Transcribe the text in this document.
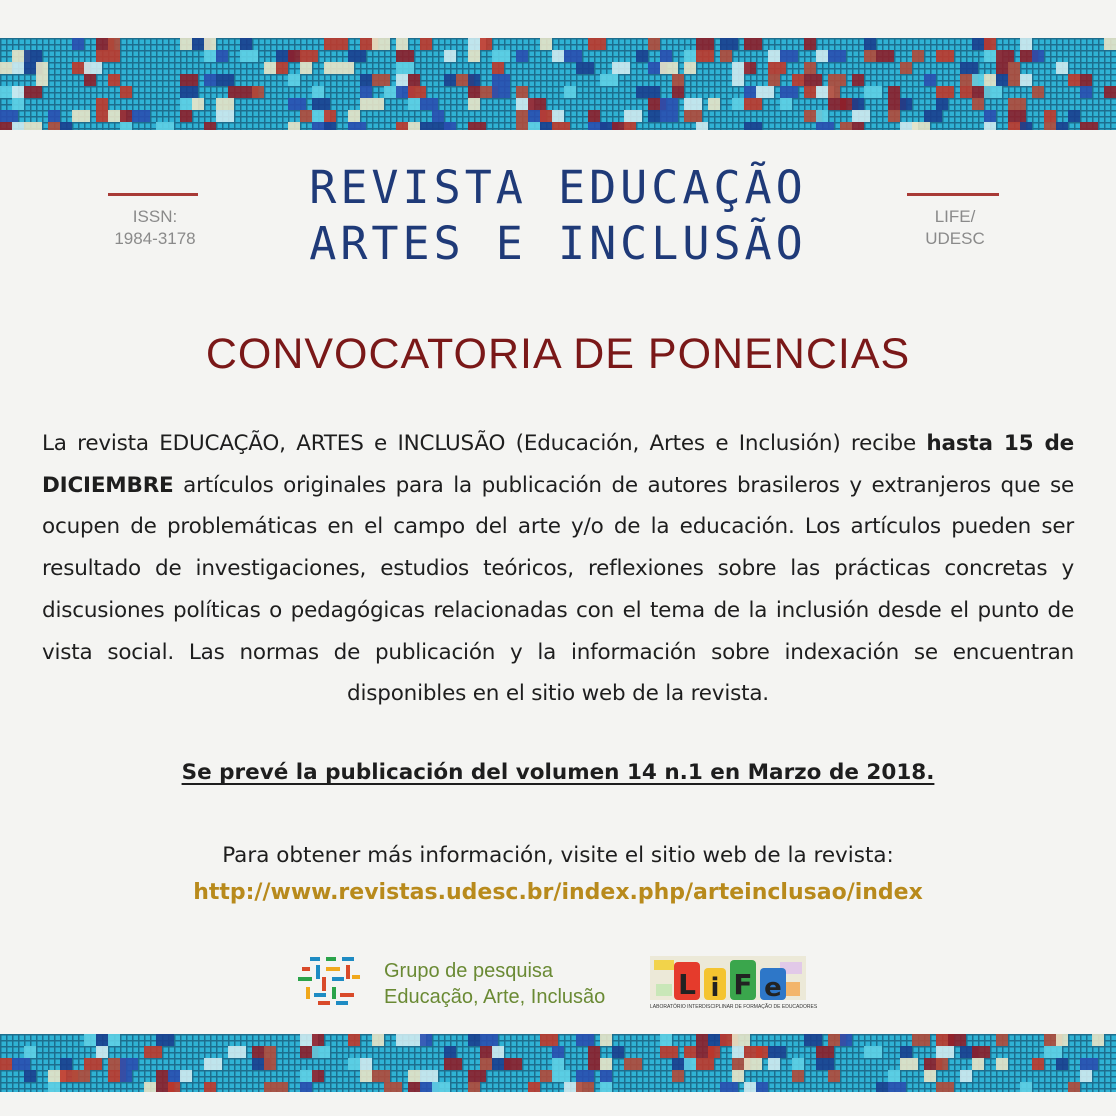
ISSN:
1984-3178
LIFE/
UDESC
REVISTA EDUCAÇÃO
ARTES E INCLUSÃO
CONVOCATORIA DE PONENCIAS
La revista EDUCAÇÃO, ARTES e INCLUSÃO (Educación, Artes e Inclusión) recibe hasta 15 de DICIEMBRE artículos originales para la publicación de autores brasileros y extranjeros que se ocupen de problemáticas en el campo del arte y/o de la educación. Los artículos pueden ser resultado de investigaciones, estudios teóricos, reflexiones sobre las prácticas concretas y discusiones políticas o pedagógicas relacionadas con el tema de la inclusión desde el punto de vista social. Las normas de publicación y la información sobre indexación se encuentran disponibles en el sitio web de la revista.
Se prevé la publicación del volumen 14 n.1 en Marzo de 2018.
Para obtener más información, visite el sitio web de la revista:
http://www.revistas.udesc.br/index.php/arteinclusao/index
Grupo de pesquisa
Educação, Arte, Inclusão	L i F e
LABORATÓRIO INTERDISCIPLINAR DE FORMAÇÃO DE EDUCADORES
